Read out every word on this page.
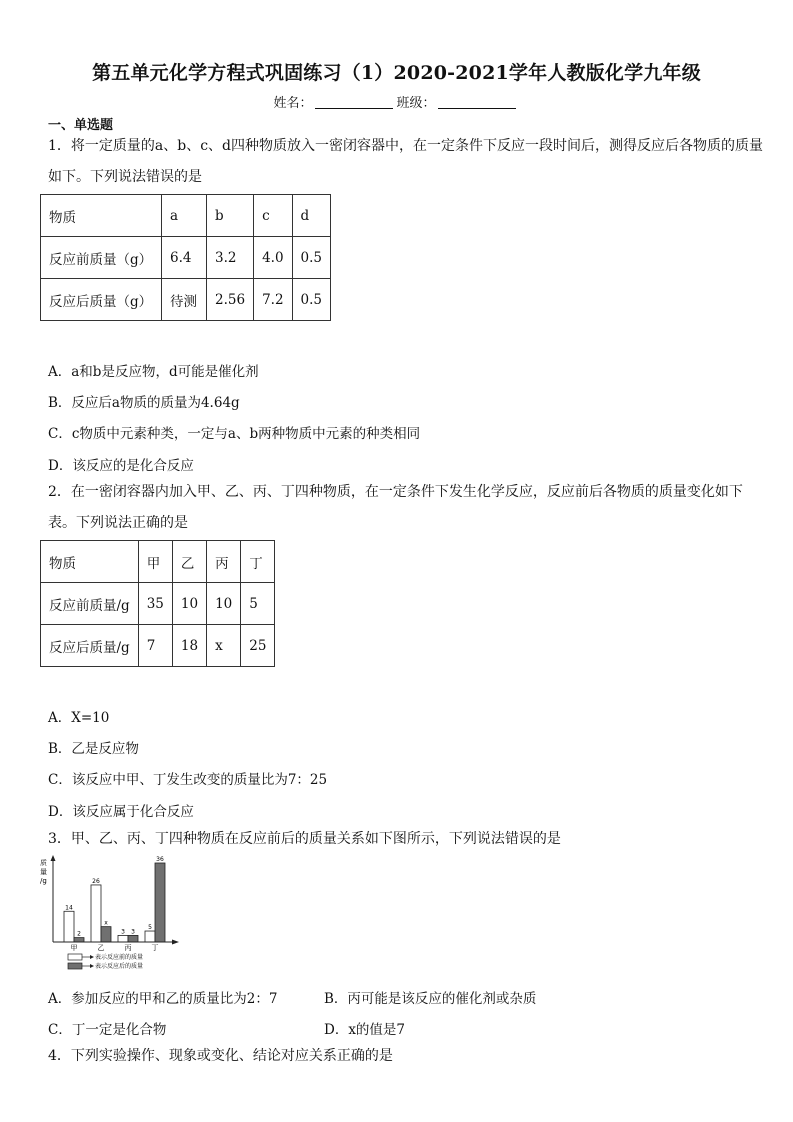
第五单元化学方程式巩固练习（1）2020-2021学年人教版化学九年级
姓名：	班级：
一、单选题
1．将一定质量的a、b、c、d四种物质放入一密闭容器中，在一定条件下反应一段时间后，测得反应后各物质的质量如下。下列说法错误的是
物质	a	b	c	d
反应前质量（g）	6.4	3.2	4.0	0.5
反应后质量（g）	待测	2.56	7.2	0.5
A．a和b是反应物，d可能是催化剂
B．反应后a物质的质量为4.64g
C．c物质中元素种类，一定与a、b两种物质中元素的种类相同
D．该反应的是化合反应
2．在一密闭容器内加入甲、乙、丙、丁四种物质，在一定条件下发生化学反应，反应前后各物质的质量变化如下表。下列说法正确的是
物质	甲	乙	丙	丁
反应前质量/g	35	10	10	5
反应后质量/g	7	18	x	25
A．X=10
B．乙是反应物
C．该反应中甲、丁发生改变的质量比为7：25
D．该反应属于化合反应
3．甲、乙、丙、丁四种物质在反应前后的质量关系如下图所示，下列说法错误的是
质量/g
14
2
甲
26
x
乙
3 3
丙
5
36
丁
表示反应前的质量
表示反应后的质量
A．参加反应的甲和乙的质量比为2：7	B．丙可能是该反应的催化剂或杂质
C．丁一定是化合物	D．x的值是7
4．下列实验操作、现象或变化、结论对应关系正确的是
